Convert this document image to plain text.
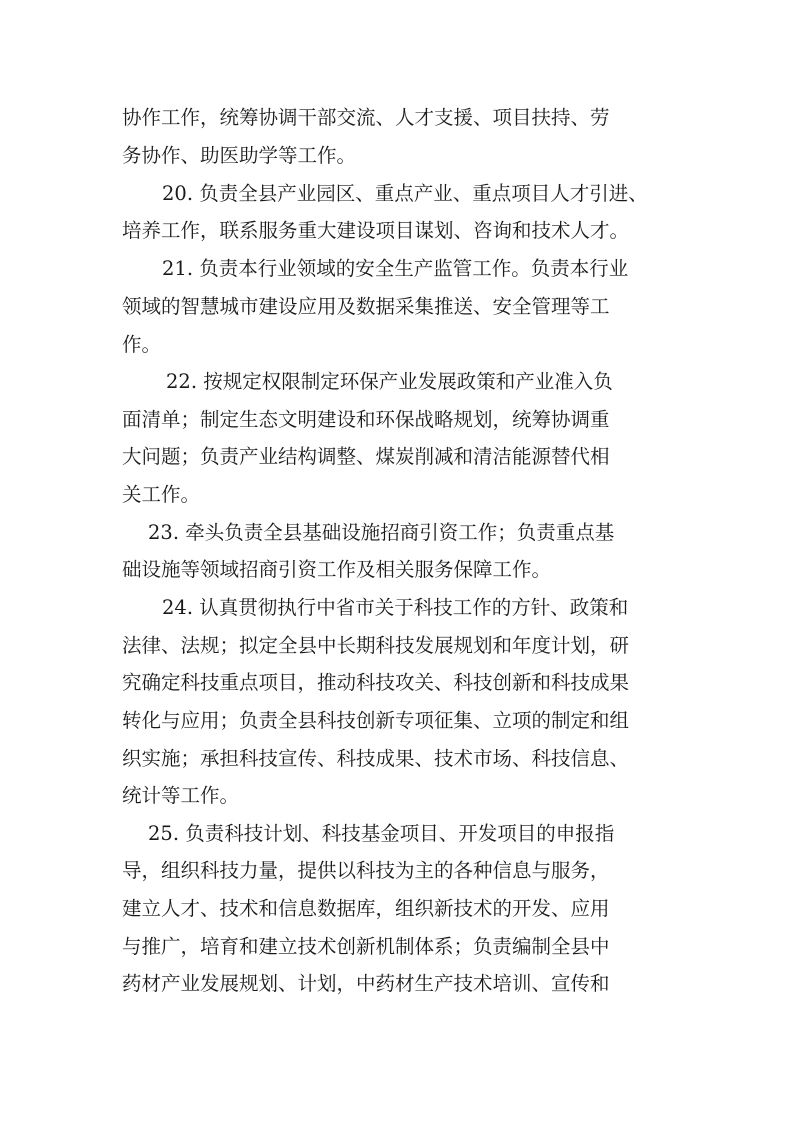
协作工作，统筹协调干部交流、人才支援、项目扶持、劳
务协作、助医助学等工作。
20. 负责全县产业园区、重点产业、重点项目人才引进、
培养工作，联系服务重大建设项目谋划、咨询和技术人才。
21. 负责本行业领域的安全生产监管工作。负责本行业
领域的智慧城市建设应用及数据采集推送、安全管理等工
作。
22. 按规定权限制定环保产业发展政策和产业准入负
面清单；制定生态文明建设和环保战略规划，统筹协调重
大问题；负责产业结构调整、煤炭削减和清洁能源替代相
关工作。
23. 牵头负责全县基础设施招商引资工作；负责重点基
础设施等领域招商引资工作及相关服务保障工作。
24. 认真贯彻执行中省市关于科技工作的方针、政策和
法律、法规；拟定全县中长期科技发展规划和年度计划，研
究确定科技重点项目，推动科技攻关、科技创新和科技成果
转化与应用；负责全县科技创新专项征集、立项的制定和组
织实施；承担科技宣传、科技成果、技术市场、科技信息、
统计等工作。
25. 负责科技计划、科技基金项目、开发项目的申报指
导，组织科技力量，提供以科技为主的各种信息与服务，
建立人才、技术和信息数据库，组织新技术的开发、应用
与推广，培育和建立技术创新机制体系；负责编制全县中
药材产业发展规划、计划，中药材生产技术培训、宣传和
